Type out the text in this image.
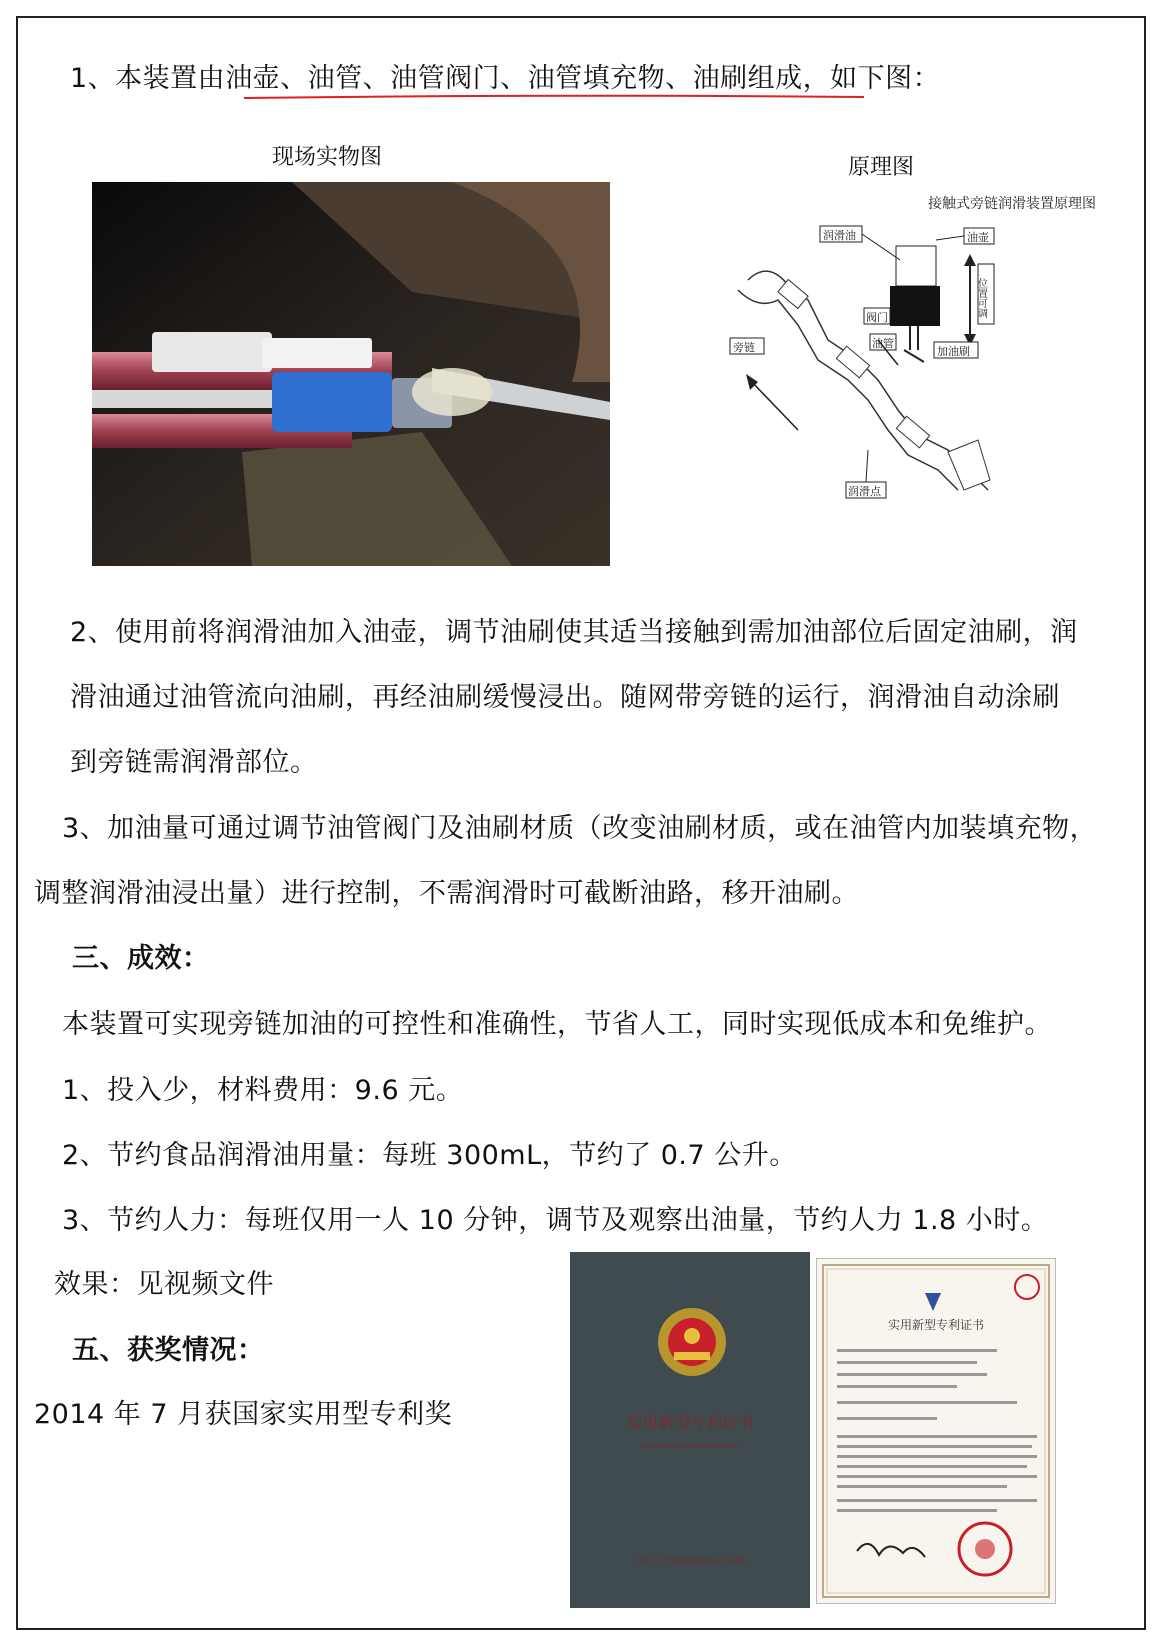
1、本装置由油壶、油管、油管阀门、油管填充物、油刷组成，如下图：
现场实物图	原理图
接触式旁链润滑装置原理图
位置可调
润滑油	油壶
阀门
油管
加油刷
旁链
润滑点
2、使用前将润滑油加入油壶，调节油刷使其适当接触到需加油部位后固定油刷，润
滑油通过油管流向油刷，再经油刷缓慢浸出。随网带旁链的运行，润滑油自动涂刷
到旁链需润滑部位。
3、加油量可通过调节油管阀门及油刷材质（改变油刷材质，或在油管内加装填充物，
调整润滑油浸出量）进行控制，不需润滑时可截断油路，移开油刷。
三、成效：
本装置可实现旁链加油的可控性和准确性，节省人工，同时实现低成本和免维护。
1、投入少，材料费用：9.6 元。
2、节约食品润滑油用量：每班 300mL，节约了 0.7 公升。
3、节约人力：每班仅用一人 10 分钟，调节及观察出油量，节约人力 1.8 小时。
效果：见视频文件
五、获奖情况：
2014 年 7 月获国家实用型专利奖	实用新型专利证书
Certificate of Utility Model Patent
中华人民共和国国家知识产权局
实用新型专利证书
